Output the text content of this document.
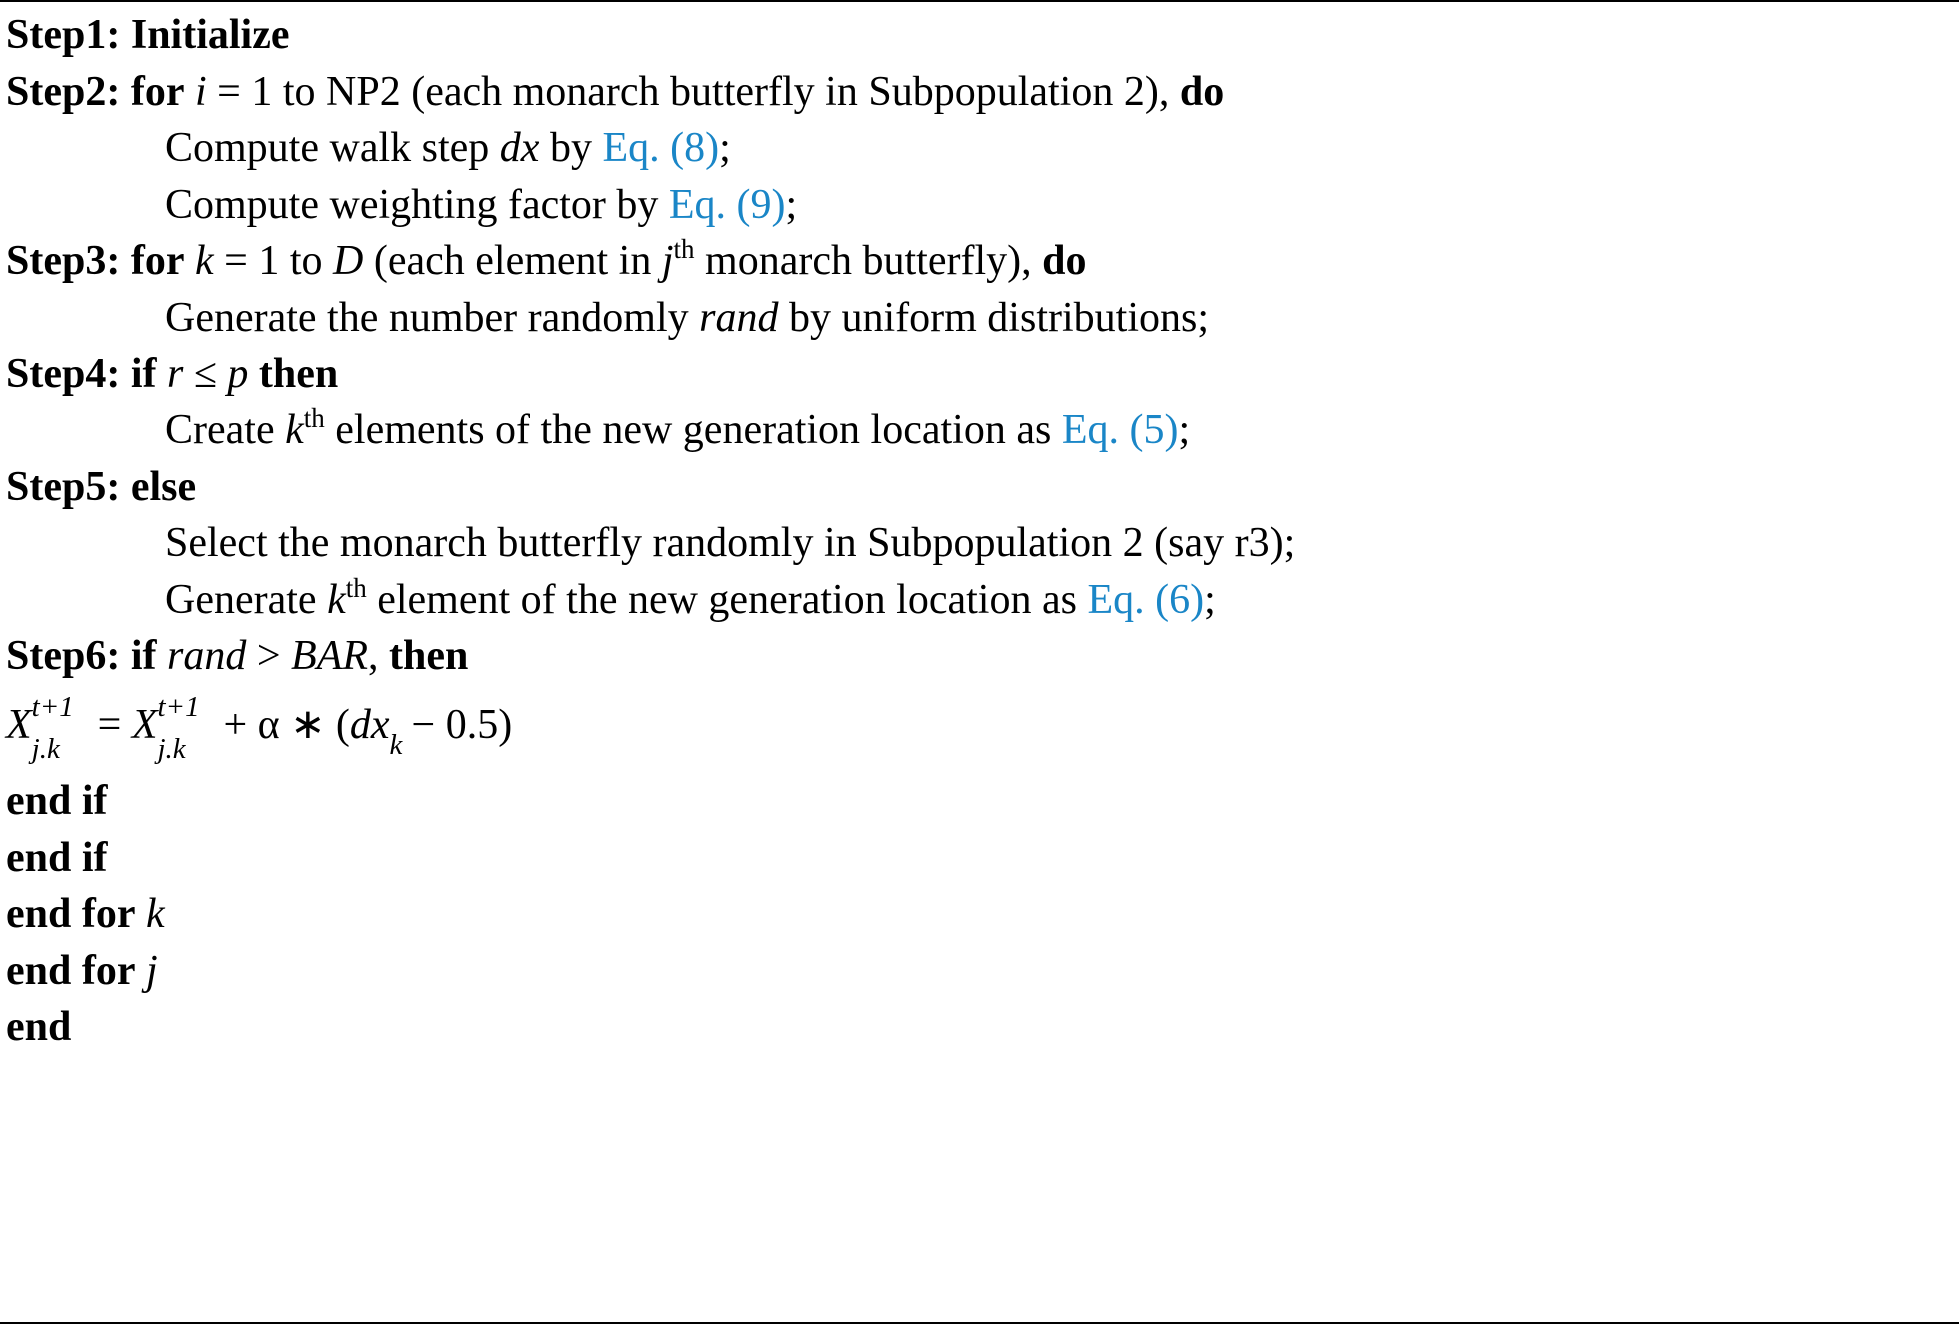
Step1: Initialize
Step2: for i = 1 to NP2 (each monarch butterfly in Subpopulation 2), do
Compute walk step dx by Eq. (8);
Compute weighting factor by Eq. (9);
Step3: for k = 1 to D (each element in $j^{th}$ monarch butterfly), do
Generate the number randomly rand by uniform distributions;
Step4: if r ≤ p then
Create $k^{th}$ elements of the new generation location as Eq. (5);
Step5: else
Select the monarch butterfly randomly in Subpopulation 2 (say r3);
Generate $k^{th}$ element of the new generation location as Eq. (6);
Step6: if rand > BAR, then
X t+1
j.k
= X t+1
j.k
+ α ∗ (dx k − 0.5)
end if
end if
end for k
end for j
end
